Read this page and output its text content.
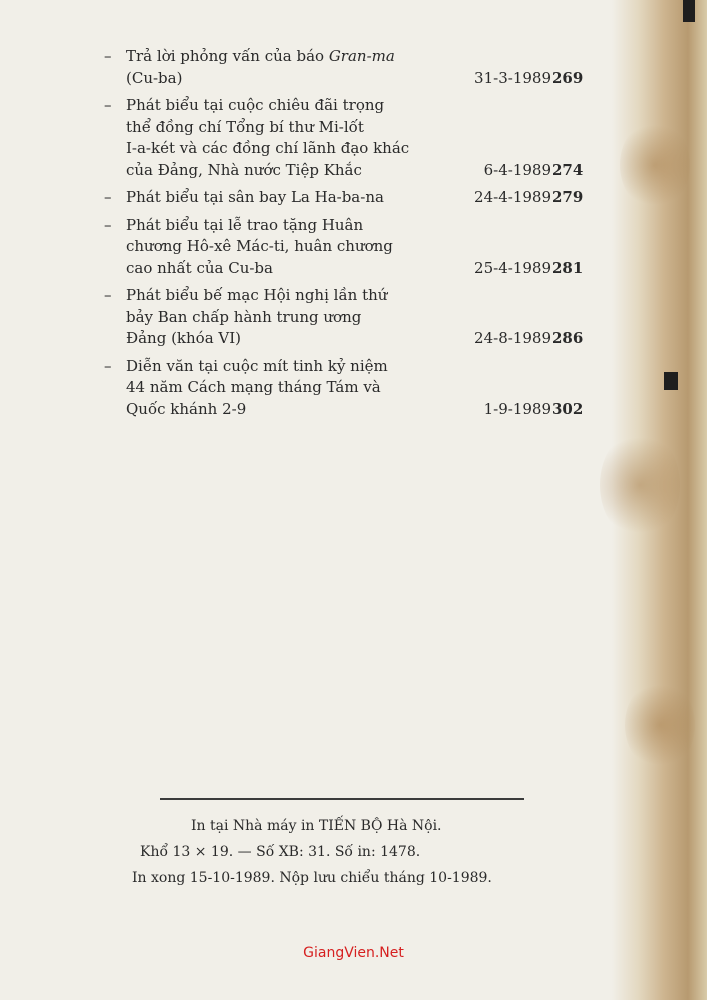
– Trả lời phỏng vấn của báo Gran-ma
(Cu-ba)	31-3-1989 269
– Phát biểu tại cuộc chiêu đãi trọng
thể đồng chí Tổng bí thư Mi-lốt
I-a-két và các đồng chí lãnh đạo khác
của Đảng, Nhà nước Tiệp Khắc	6-4-1989 274
– Phát biểu tại sân bay La Ha-ba-na	24-4-1989 279
– Phát biểu tại lễ trao tặng Huân
chương Hô-xê Mác-ti, huân chương
cao nhất của Cu-ba	25-4-1989 281
– Phát biểu bế mạc Hội nghị lần thứ
bảy Ban chấp hành trung ương
Đảng (khóa VI)	24-8-1989 286
– Diễn văn tại cuộc mít tinh kỷ niệm
44 năm Cách mạng tháng Tám và
Quốc khánh 2-9	1-9-1989 302
In tại Nhà máy in TIẾN BỘ Hà Nội.
Khổ 13 × 19. — Số XB: 31. Số in: 1478.
In xong 15-10-1989. Nộp lưu chiểu tháng 10-1989.
GiangVien.Net
